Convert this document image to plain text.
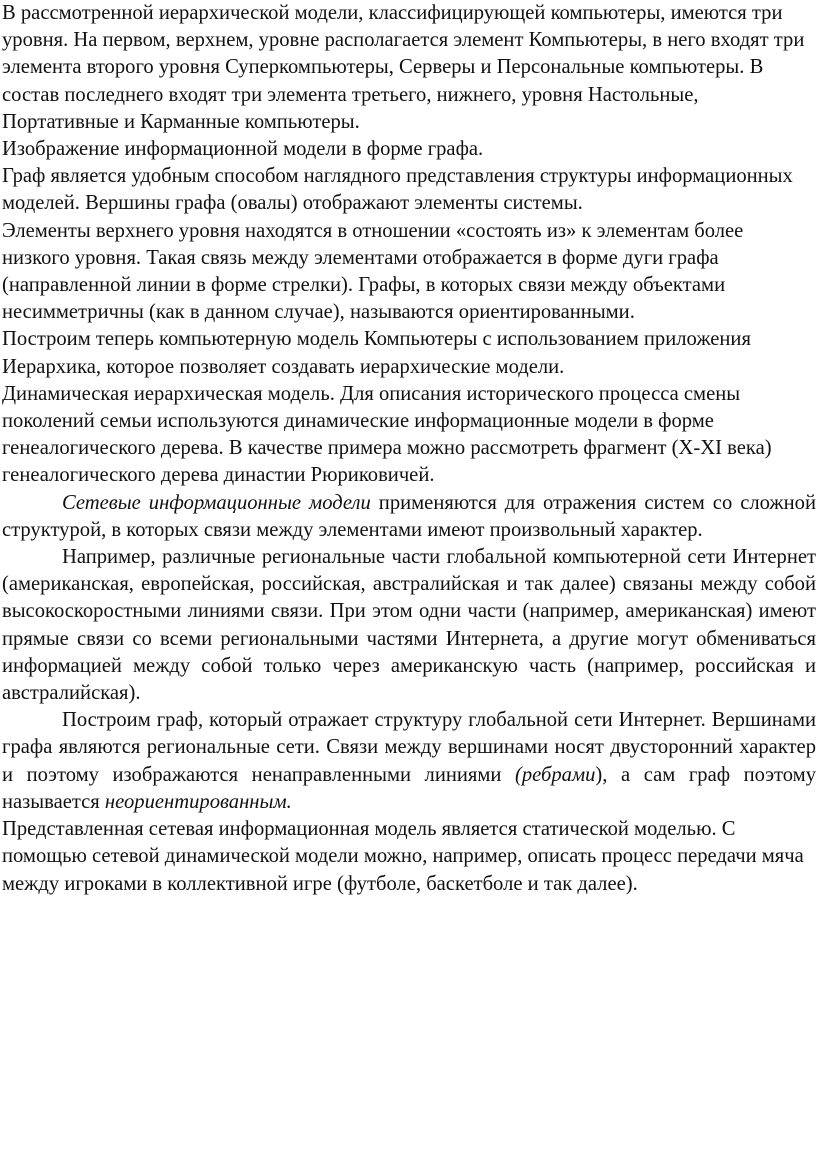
В рассмотренной иерархической модели, классифицирующей компьютеры, имеются три уровня. На первом, верхнем, уровне располагается элемент Компьютеры, в него входят три элемента второго уровня Суперкомпьютеры, Серверы и Персональные компьютеры. В состав последнего входят три элемента третьего, нижнего, уровня Настольные, Портативные и Карманные компьютеры.

Изображение информационной модели в форме графа.

Граф является удобным способом наглядного представления структуры информационных моделей. Вершины графа (овалы) отображают элементы системы.

Элементы верхнего уровня находятся в отношении «состоять из» к элементам более низкого уровня. Такая связь между элементами отображается в форме дуги графа (направленной линии в форме стрелки). Графы, в которых связи между объектами несимметричны (как в данном случае), называются ориентированными.

Построим теперь компьютерную модель Компьютеры с использованием приложения Иерархика, которое позволяет создавать иерархические модели.

Динамическая иерархическая модель. Для описания исторического процесса смены поколений семьи используются динамические информационные модели в форме генеалогического дерева. В качестве примера можно рассмотреть фрагмент (X-XI века) генеалогического дерева династии Рюриковичей.

Сетевые информационные модели применяются для отражения систем со сложной структурой, в которых связи между элементами имеют произвольный характер.

Например, различные региональные части глобальной компьютерной сети Интернет (американская, европейская, российская, австралийская и так далее) связаны между собой высокоскоростными линиями связи. При этом одни части (например, американская) имеют прямые связи со всеми региональными частями Интернета, а другие могут обмениваться информацией между собой только через американскую часть (например, российская и австралийская).

Построим граф, который отражает структуру глобальной сети Интернет. Вершинами графа являются региональные сети. Связи между вершинами носят двусторонний характер и поэтому изображаются ненаправленными линиями (ребрами), а сам граф поэтому называется неориентированным.

Представленная сетевая информационная модель является статической моделью. С помощью сетевой динамической модели можно, например, описать процесс передачи мяча между игроками в коллективной игре (футболе, баскетболе и так далее).
